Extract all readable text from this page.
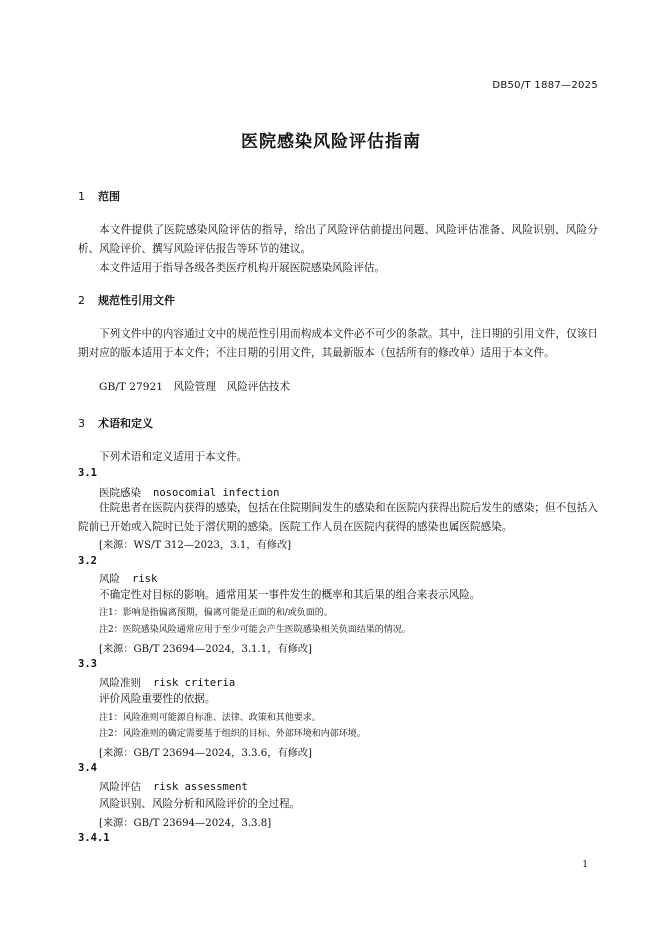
DB50/T 1887—2025
医院感染风险评估指南
1 范围
本文件提供了医院感染风险评估的指导，给出了风险评估前提出问题、风险评估准备、风险识别、风险分析、风险评价、撰写风险评估报告等环节的建议。
本文件适用于指导各级各类医疗机构开展医院感染风险评估。
2 规范性引用文件
下列文件中的内容通过文中的规范性引用而构成本文件必不可少的条款。其中，注日期的引用文件，仅该日期对应的版本适用于本文件；不注日期的引用文件，其最新版本（包括所有的修改单）适用于本文件。
GB/T 27921　风险管理　风险评估技术
3 术语和定义
下列术语和定义适用于本文件。
3.1
医院感染 nosocomial infection
住院患者在医院内获得的感染，包括在住院期间发生的感染和在医院内获得出院后发生的感染；但不包括入院前已开始或入院时已处于潜伏期的感染。医院工作人员在医院内获得的感染也属医院感染。
[来源：WS/T 312—2023，3.1，有修改]
3.2
风险 risk
不确定性对目标的影响。通常用某一事件发生的概率和其后果的组合来表示风险。
注1：影响是指偏离预期，偏离可能是正面的和/或负面的。
注2：医院感染风险通常应用于至少可能会产生医院感染相关负面结果的情况。
[来源：GB/T 23694—2024，3.1.1，有修改]
3.3
风险准则 risk criteria
评价风险重要性的依据。
注1：风险准则可能源自标准、法律、政策和其他要求。
注2：风险准则的确定需要基于组织的目标、外部环境和内部环境。
[来源：GB/T 23694—2024，3.3.6，有修改]
3.4
风险评估 risk assessment
风险识别、风险分析和风险评价的全过程。
[来源：GB/T 23694—2024，3.3.8]
3.4.1
1
